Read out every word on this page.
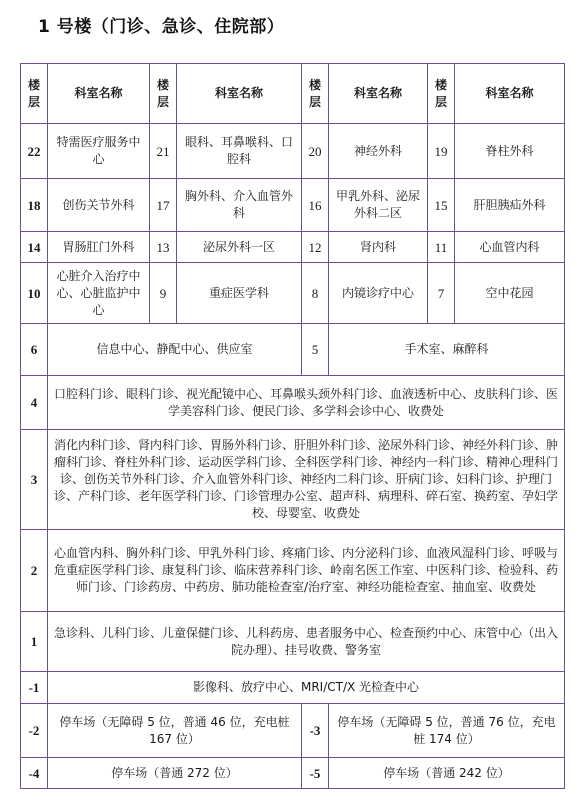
1 号楼（门诊、急诊、住院部）
楼层	科室名称	楼层	科室名称	楼层	科室名称	楼层	科室名称
22	特需医疗服务中心	21	眼科、耳鼻喉科、口腔科	20	神经外科	19	脊柱外科
18	创伤关节外科	17	胸外科、介入血管外科	16	甲乳外科、泌尿外科二区	15	肝胆胰疝外科
14	胃肠肛门外科	13	泌尿外科一区	12	肾内科	11	心血管内科
10	心脏介入治疗中心、心脏监护中心	9	重症医学科	8	内镜诊疗中心	7	空中花园
6	信息中心、静配中心、供应室			5	手术室、麻醉科		
4	口腔科门诊、眼科门诊、视光配镜中心、耳鼻喉头颈外科门诊、血液透析中心、皮肤科门诊、医学美容科门诊、便民门诊、多学科会诊中心、收费处						
3	消化内科门诊、肾内科门诊、胃肠外科门诊、肝胆外科门诊、泌尿外科门诊、神经外科门诊、肿瘤科门诊、脊柱外科门诊、运动医学科门诊、全科医学科门诊、神经内一科门诊、精神心理科门诊、创伤关节外科门诊、介入血管外科门诊、神经内二科门诊、肝病门诊、妇科门诊、护理门诊、产科门诊、老年医学科门诊、门诊管理办公室、超声科、病理科、碎石室、换药室、孕妇学校、母婴室、收费处						
2	心血管内科、胸外科门诊、甲乳外科门诊、疼痛门诊、内分泌科门诊、血液风湿科门诊、呼吸与危重症医学科门诊、康复科门诊、临床营养科门诊、岭南名医工作室、中医科门诊、检验科、药师门诊、门诊药房、中药房、肺功能检查室/治疗室、神经功能检查室、抽血室、收费处						
1	急诊科、儿科门诊、儿童保健门诊、儿科药房、患者服务中心、检查预约中心、床管中心（出入院办理）、挂号收费、警务室						
-1	影像科、放疗中心、MRI/CT/X 光检查中心						
-2	停车场（无障碍 5 位，普通 46 位，充电桩 167 位）			-3	停车场（无障碍 5 位，普通 76 位，充电桩 174 位）		
-4	停车场（普通 272 位）			-5	停车场（普通 242 位）		
